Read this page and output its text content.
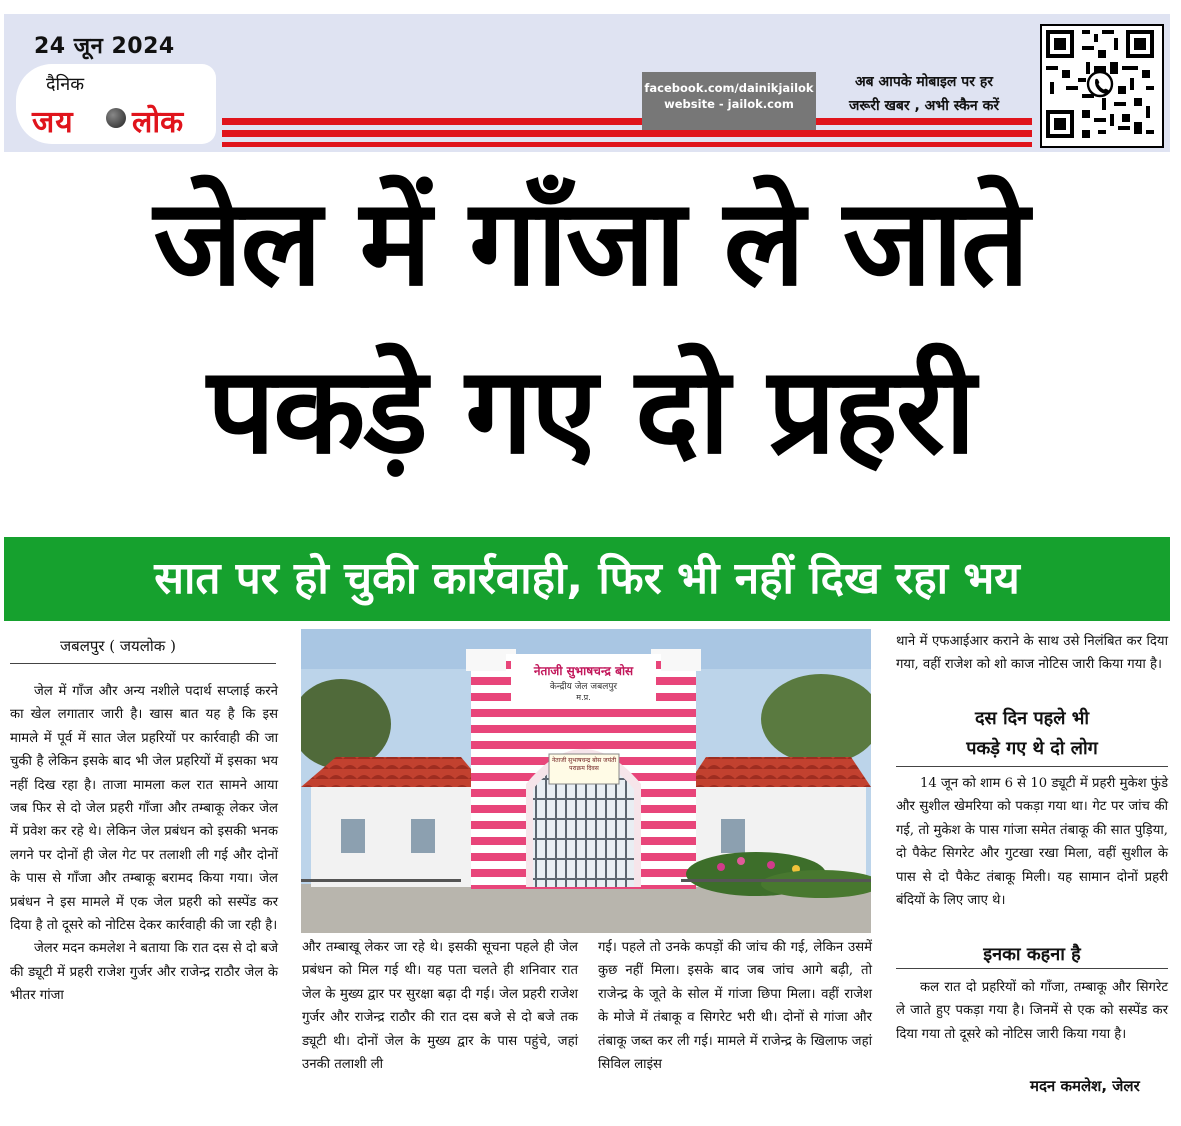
24 जून 2024
दैनिक
जय लोक
facebook.com/dainikjailok
website - jailok.com
अब आपके मोबाइल पर हर
जरूरी खबर , अभी स्कैन करें
जेल में गाँजा ले जाते
पकड़े गए दो प्रहरी
सात पर हो चुकी कार्रवाही, फिर भी नहीं दिख रहा भय
जबलपुर ( जयलोक )

जेल में गाँज और अन्य नशीले पदार्थ सप्लाई करने का खेल लगातार जारी है। खास बात यह है कि इस मामले में पूर्व में सात जेल प्रहरियों पर कार्रवाही की जा चुकी है लेकिन इसके बाद भी जेल प्रहरियों में इसका भय नहीं दिख रहा है। ताजा मामला कल रात सामने आया जब फिर से दो जेल प्रहरी गाँजा और तम्बाकू लेकर जेल में प्रवेश कर रहे थे। लेकिन जेल प्रबंधन को इसकी भनक लगने पर दोनों ही जेल गेट पर तलाशी ली गई और दोनों के पास से गाँजा और तम्बाकू बरामद किया गया। जेल प्रबंधन ने इस मामले में एक जेल प्रहरी को सस्पेंड कर दिया है तो दूसरे को नोटिस देकर कार्रवाही की जा रही है।

जेलर मदन कमलेश ने बताया कि रात दस से दो बजे की ड्यूटी में प्रहरी राजेश गुर्जर और राजेन्द्र राठौर जेल के भीतर गांजा

नेताजी सुभाषचन्द्र बोस
केन्द्रीय जेल जबलपुर
म.प्र.
नेताजी सुभाषचन्द्र बोस जयंती पराक्रम दिवस

और तम्बाखू लेकर जा रहे थे। इसकी सूचना पहले ही जेल प्रबंधन को मिल गई थी। यह पता चलते ही शनिवार रात जेल के मुख्य द्वार पर सुरक्षा बढ़ा दी गई। जेल प्रहरी राजेश गुर्जर और राजेन्द्र राठौर की रात दस बजे से दो बजे तक ड्यूटी थी। दोनों जेल के मुख्य द्वार के पास पहुंचे, जहां उनकी तलाशी ली

गई। पहले तो उनके कपड़ों की जांच की गई, लेकिन उसमें कुछ नहीं मिला। इसके बाद जब जांच आगे बढ़ी, तो राजेन्द्र के जूते के सोल में गांजा छिपा मिला। वहीं राजेश के मोजे में तंबाकू व सिगरेट भरी थी। दोनों से गांजा और तंबाकू जब्त कर ली गई। मामले में राजेन्द्र के खिलाफ जहां सिविल लाइंस

थाने में एफआईआर कराने के साथ उसे निलंबित कर दिया गया, वहीं राजेश को शो काज नोटिस जारी किया गया है।

दस दिन पहले भी
पकड़े गए थे दो लोग

14 जून को शाम 6 से 10 ड्यूटी में प्रहरी मुकेश फुंडे और सुशील खेमरिया को पकड़ा गया था। गेट पर जांच की गई, तो मुकेश के पास गांजा समेत तंबाकू की सात पुड़िया, दो पैकेट सिगरेट और गुटखा रखा मिला, वहीं सुशील के पास से दो पैकेट तंबाकू मिली। यह सामान दोनों प्रहरी बंदियों के लिए जाए थे।

इनका कहना है

कल रात दो प्रहरियों को गाँजा, तम्बाकू और सिगरेट ले जाते हुए पकड़ा गया है। जिनमें से एक को सस्पेंड कर दिया गया तो दूसरे को नोटिस जारी किया गया है।

मदन कमलेश, जेलर
